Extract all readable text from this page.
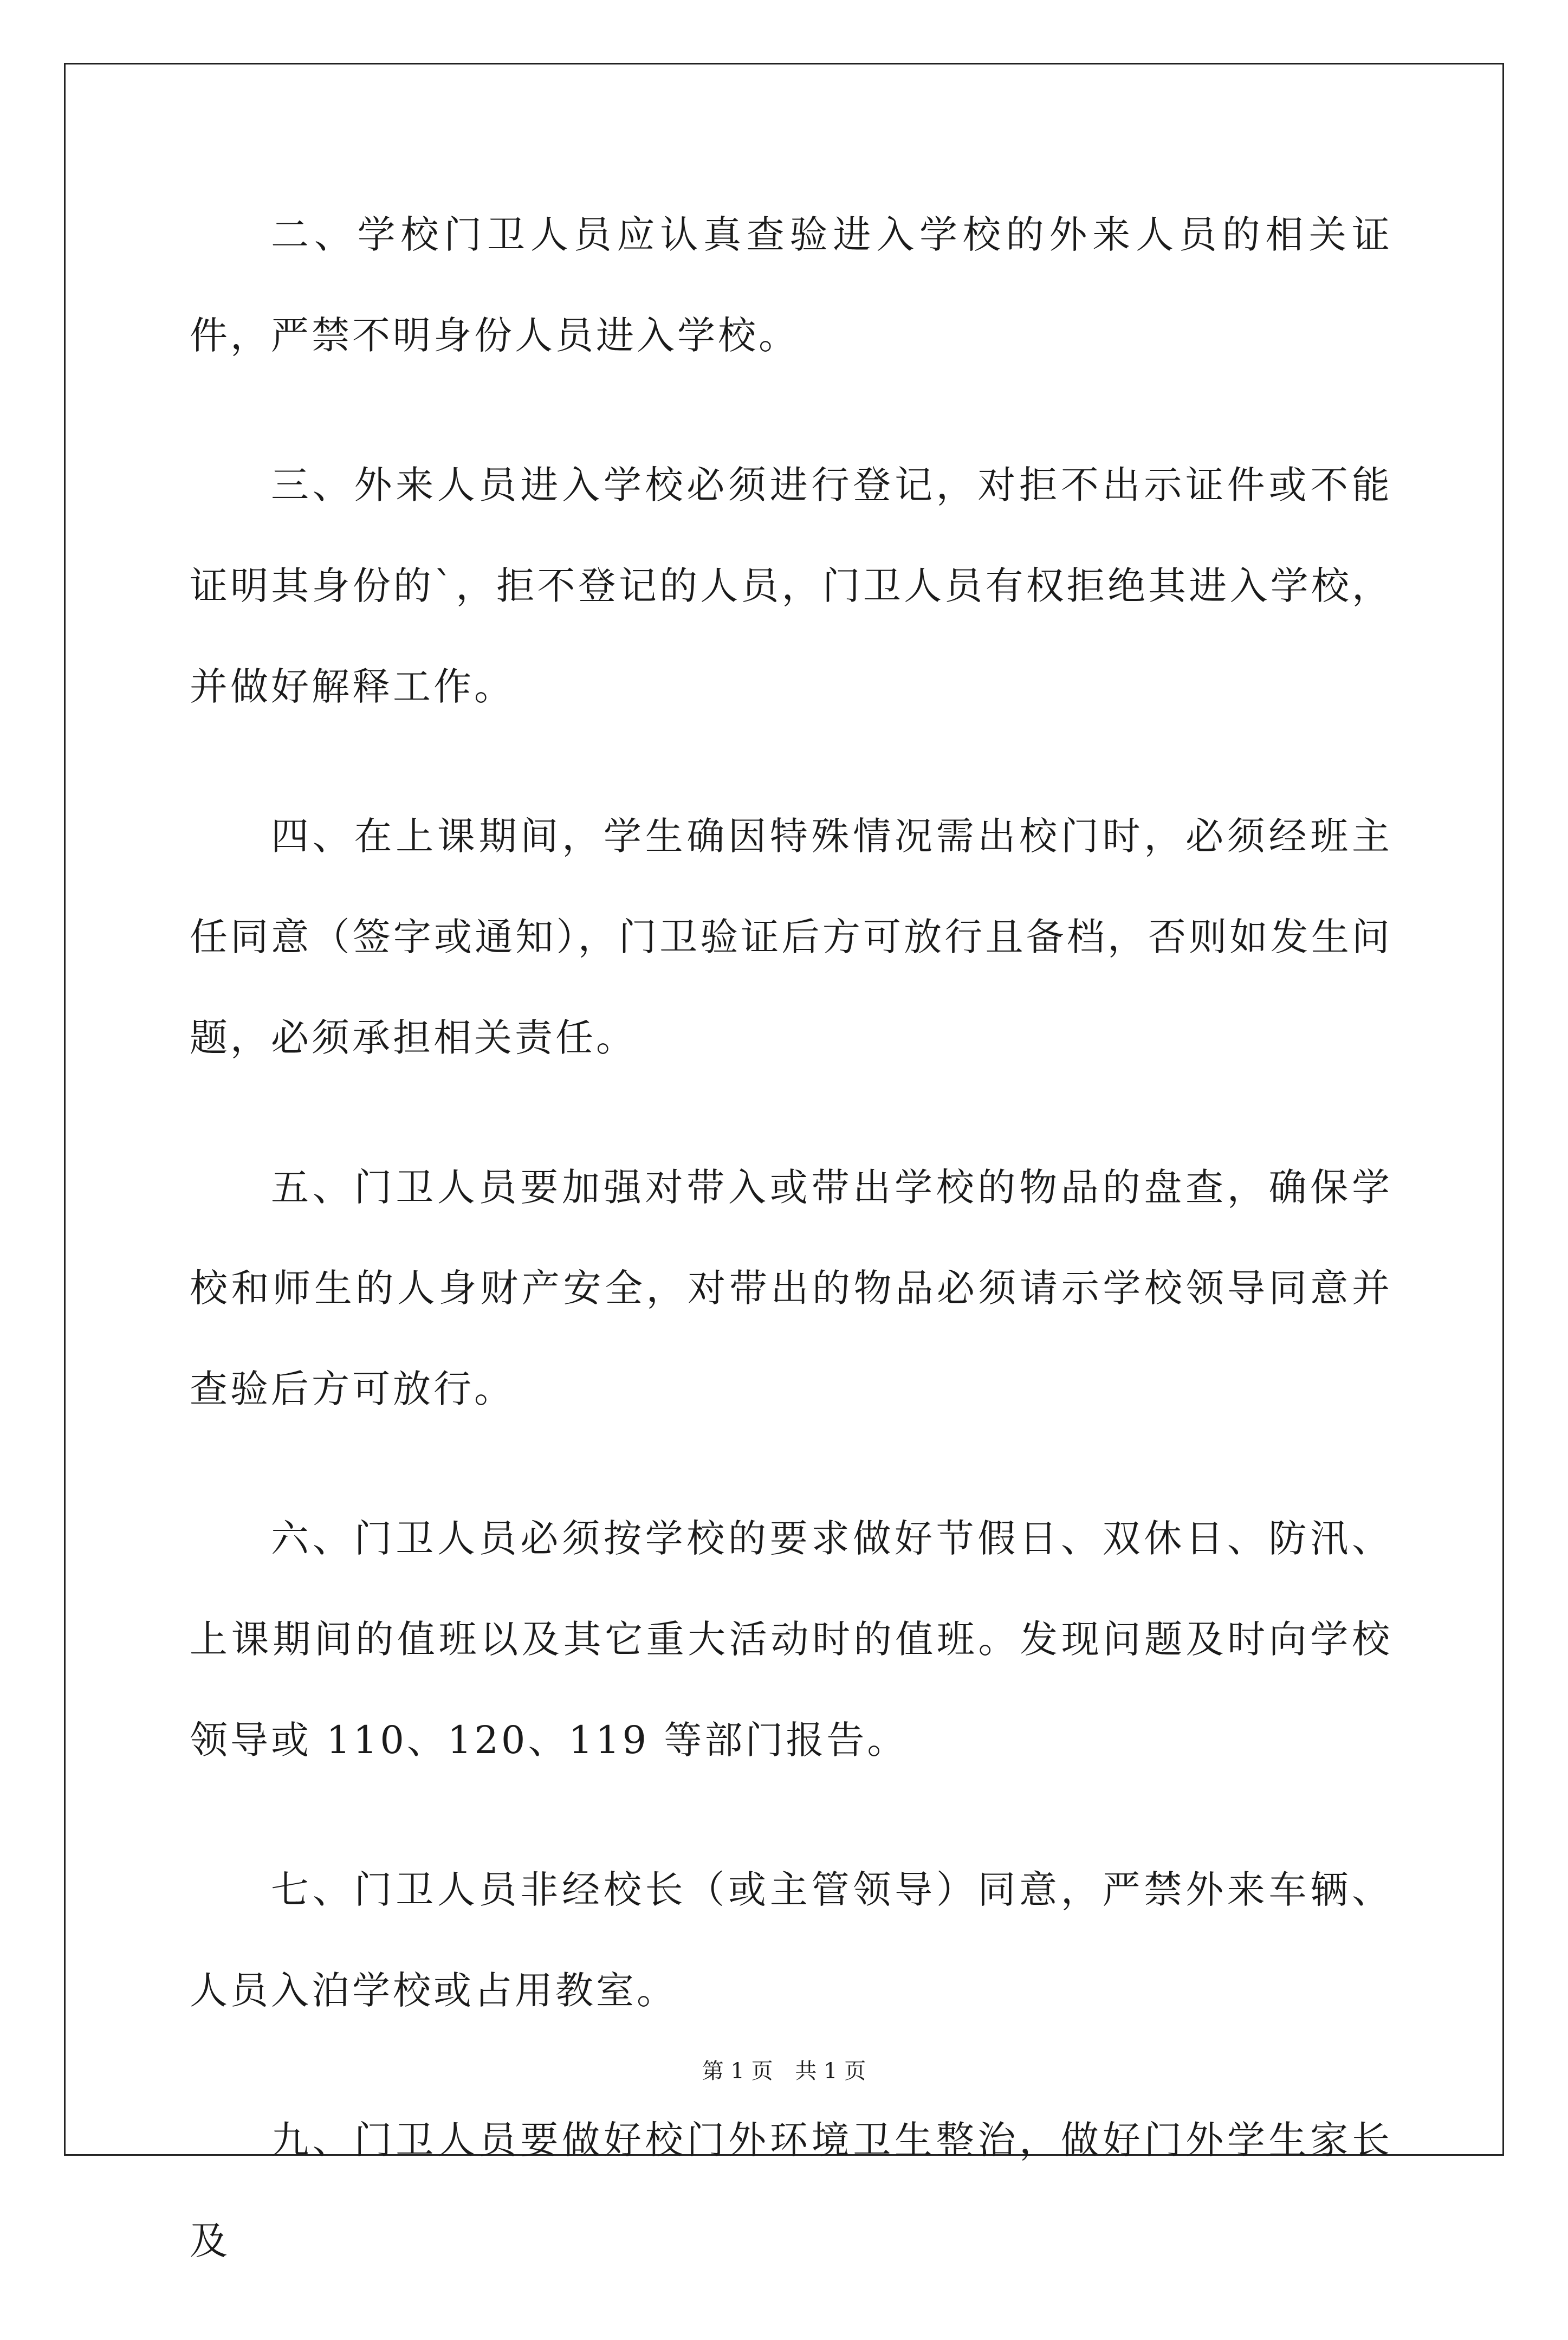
二、学校门卫人员应认真查验进入学校的外来人员的相关证件，严禁不明身份人员进入学校。

三、外来人员进入学校必须进行登记，对拒不出示证件或不能证明其身份的`，拒不登记的人员，门卫人员有权拒绝其进入学校，并做好解释工作。

四、在上课期间，学生确因特殊情况需出校门时，必须经班主任同意（签字或通知），门卫验证后方可放行且备档，否则如发生问题，必须承担相关责任。

五、门卫人员要加强对带入或带出学校的物品的盘查，确保学校和师生的人身财产安全，对带出的物品必须请示学校领导同意并查验后方可放行。

六、门卫人员必须按学校的要求做好节假日、双休日、防汛、上课期间的值班以及其它重大活动时的值班。发现问题及时向学校领导或 110、120、119 等部门报告。

七、门卫人员非经校长（或主管领导）同意，严禁外来车辆、人员入泊学校或占用教室。

九、门卫人员要做好校门外环境卫生整治，做好门外学生家长及

第 1 页 共 1 页
